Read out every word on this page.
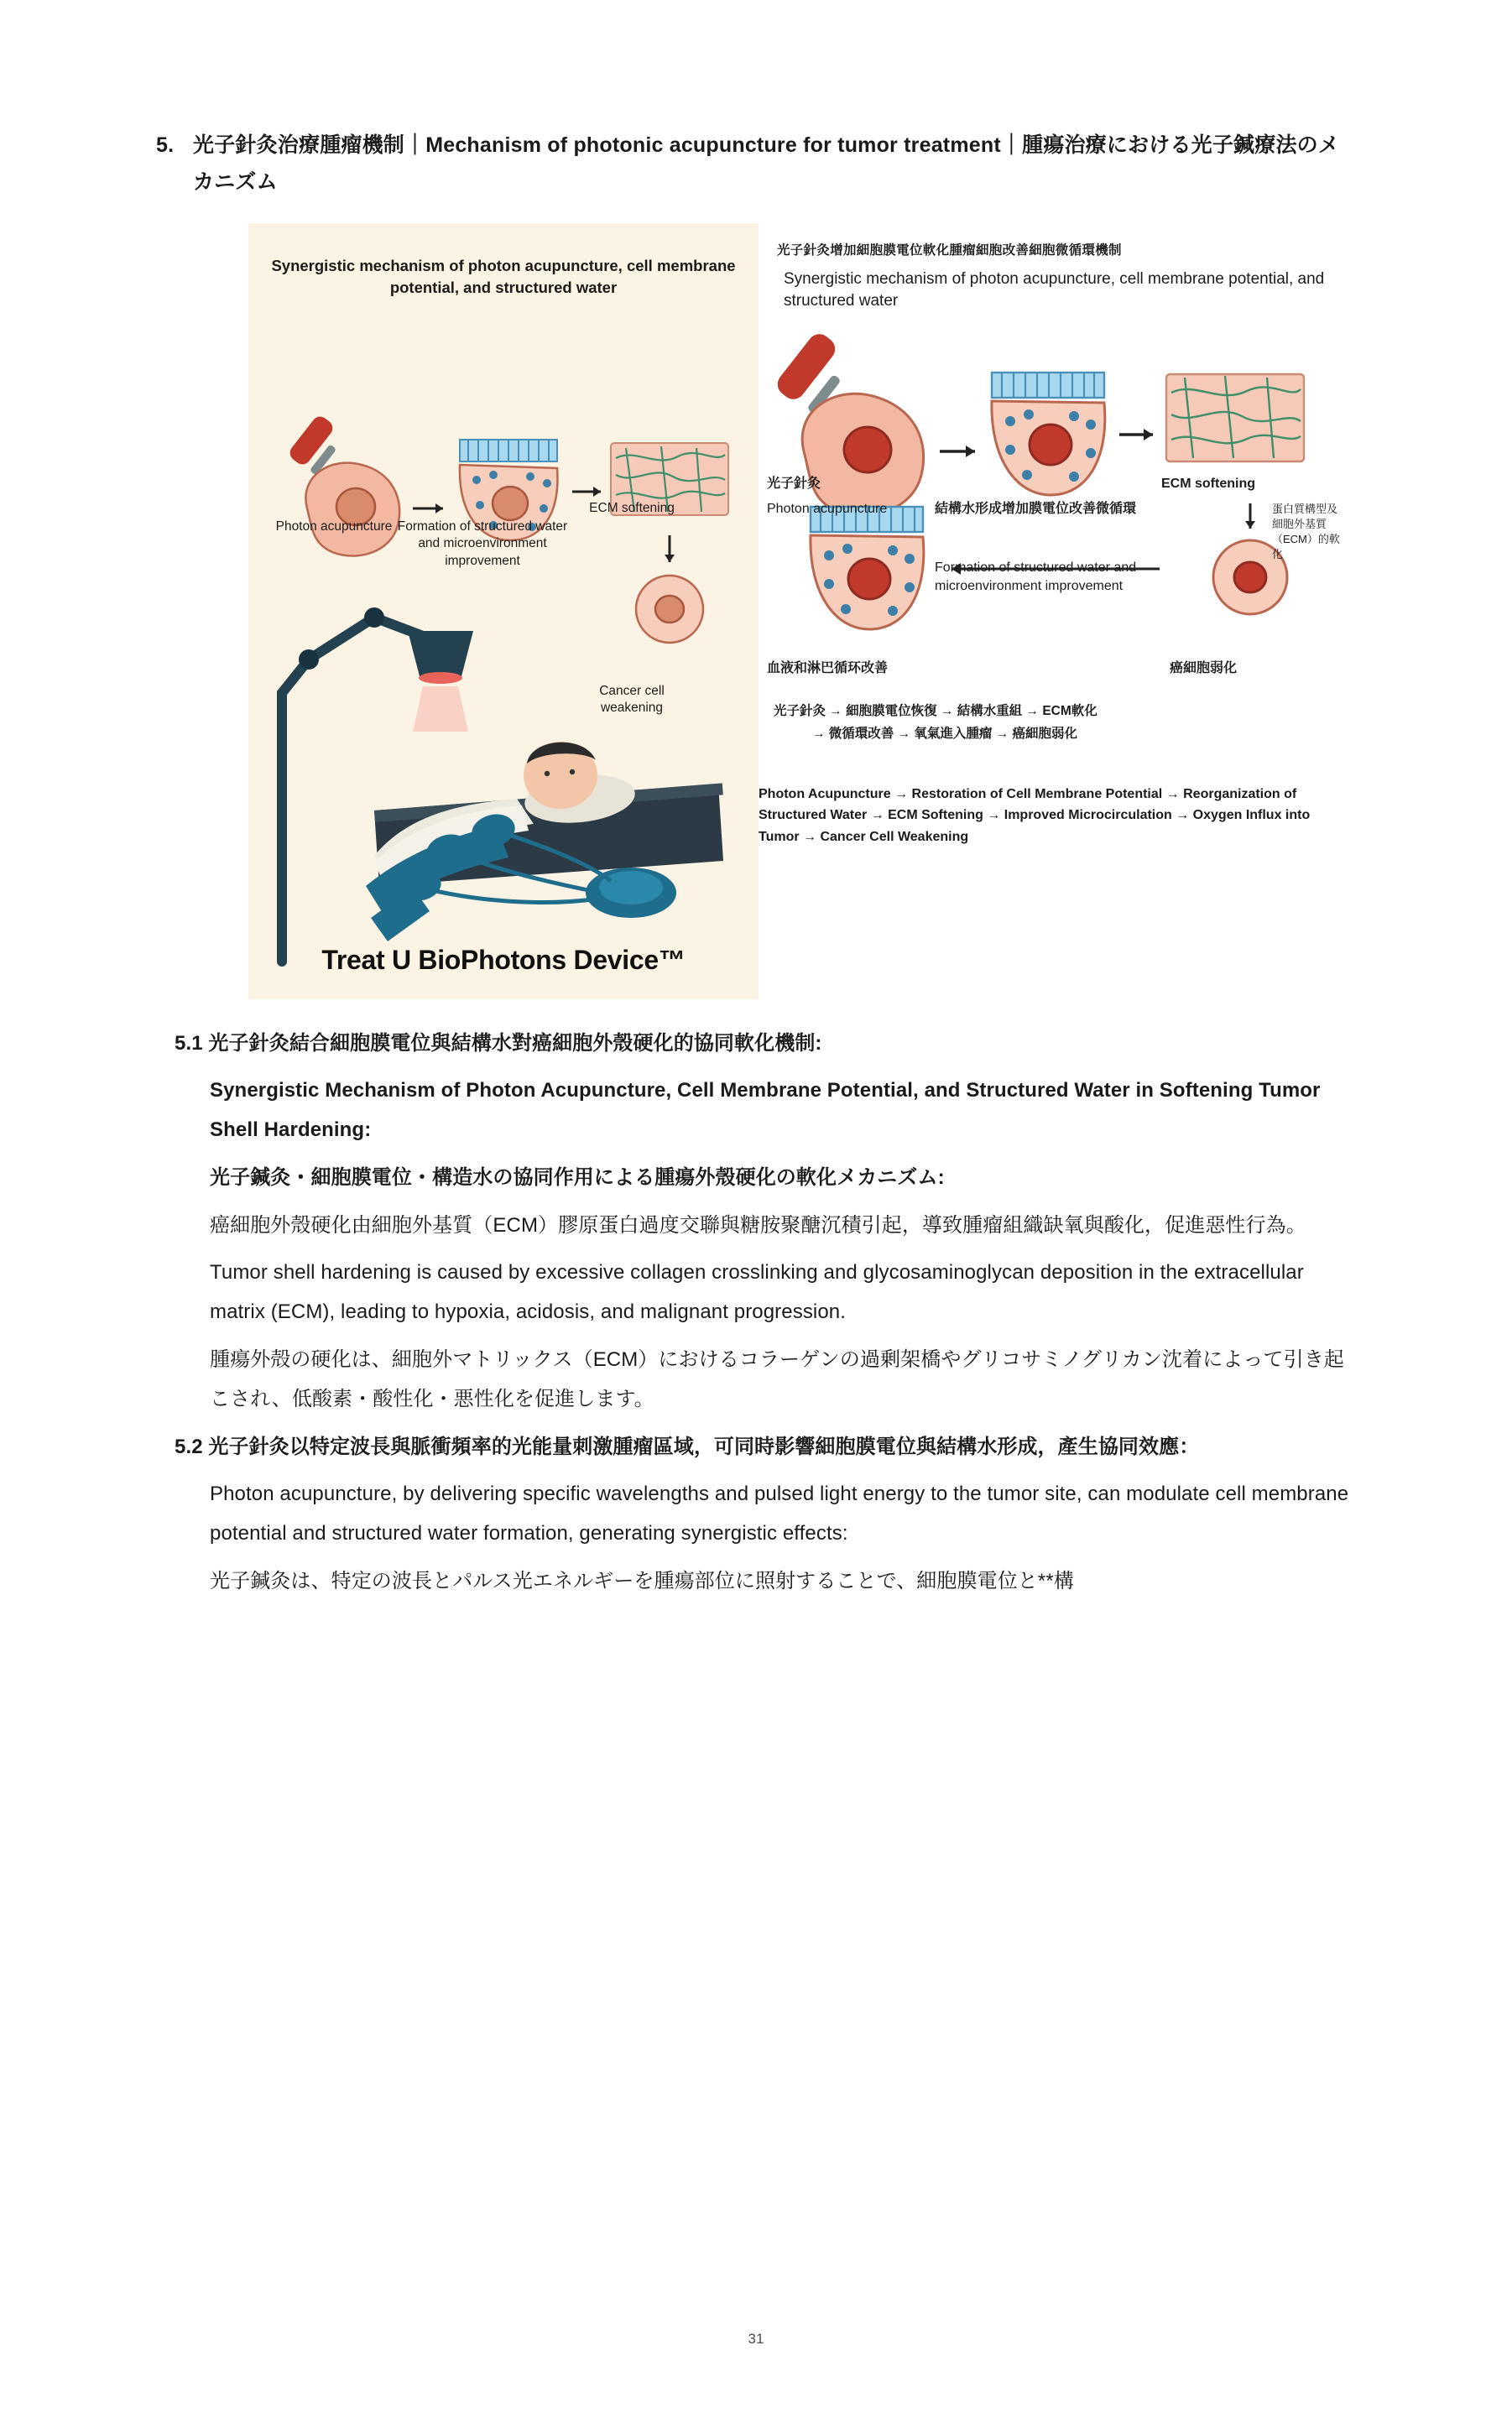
5. 光子針灸治療腫瘤機制｜Mechanism of photonic acupuncture for tumor treatment｜腫瘍治療における光子鍼療法のメカニズム
Synergistic mechanism of photon acupuncture, cell membrane potential, and structured water
Photon acupuncture Formation of structured water and microenvironment improvement
ECM softening
Cancer cell weakening
Treat U BioPhotons Device™
光子針灸增加細胞膜電位軟化腫瘤細胞改善細胞微循環機制
Synergistic mechanism of photon acupuncture, cell membrane potential, and structured water
光子針灸
Photon acupuncture	結構水形成增加膜電位改善微循環
Formation of structured water and microenvironment improvement
ECM softening
蛋白質構型及細胞外基質（ECM）的軟化
血液和淋巴循环改善	癌細胞弱化
光子針灸 → 細胞膜電位恢復 → 結構水重組 → ECM軟化
→ 微循環改善 → 氧氣進入腫瘤 → 癌細胞弱化
Photon Acupuncture → Restoration of Cell Membrane Potential → Reorganization of Structured Water → ECM Softening → Improved Microcirculation → Oxygen Influx into Tumor → Cancer Cell Weakening

5.1 光子針灸結合細胞膜電位與結構水對癌細胞外殼硬化的協同軟化機制:

Synergistic Mechanism of Photon Acupuncture, Cell Membrane Potential, and Structured Water in Softening Tumor Shell Hardening:

光子鍼灸・細胞膜電位・構造水の協同作用による腫瘍外殼硬化の軟化メカニズム:

癌細胞外殼硬化由細胞外基質（ECM）膠原蛋白過度交聯與糖胺聚醣沉積引起，導致腫瘤組織缺氧與酸化，促進惡性行為。

Tumor shell hardening is caused by excessive collagen crosslinking and glycosaminoglycan deposition in the extracellular matrix (ECM), leading to hypoxia, acidosis, and malignant progression.

腫瘍外殻の硬化は、細胞外マトリックス（ECM）におけるコラーゲンの過剰架橋やグリコサミノグリカン沈着によって引き起こされ、低酸素・酸性化・悪性化を促進します。

5.2 光子針灸以特定波長與脈衝頻率的光能量刺激腫瘤區域，可同時影響細胞膜電位與結構水形成，產生協同效應：

Photon acupuncture, by delivering specific wavelengths and pulsed light energy to the tumor site, can modulate cell membrane potential and structured water formation, generating synergistic effects:

光子鍼灸は、特定の波長とパルス光エネルギーを腫瘍部位に照射することで、細胞膜電位と**構

31
